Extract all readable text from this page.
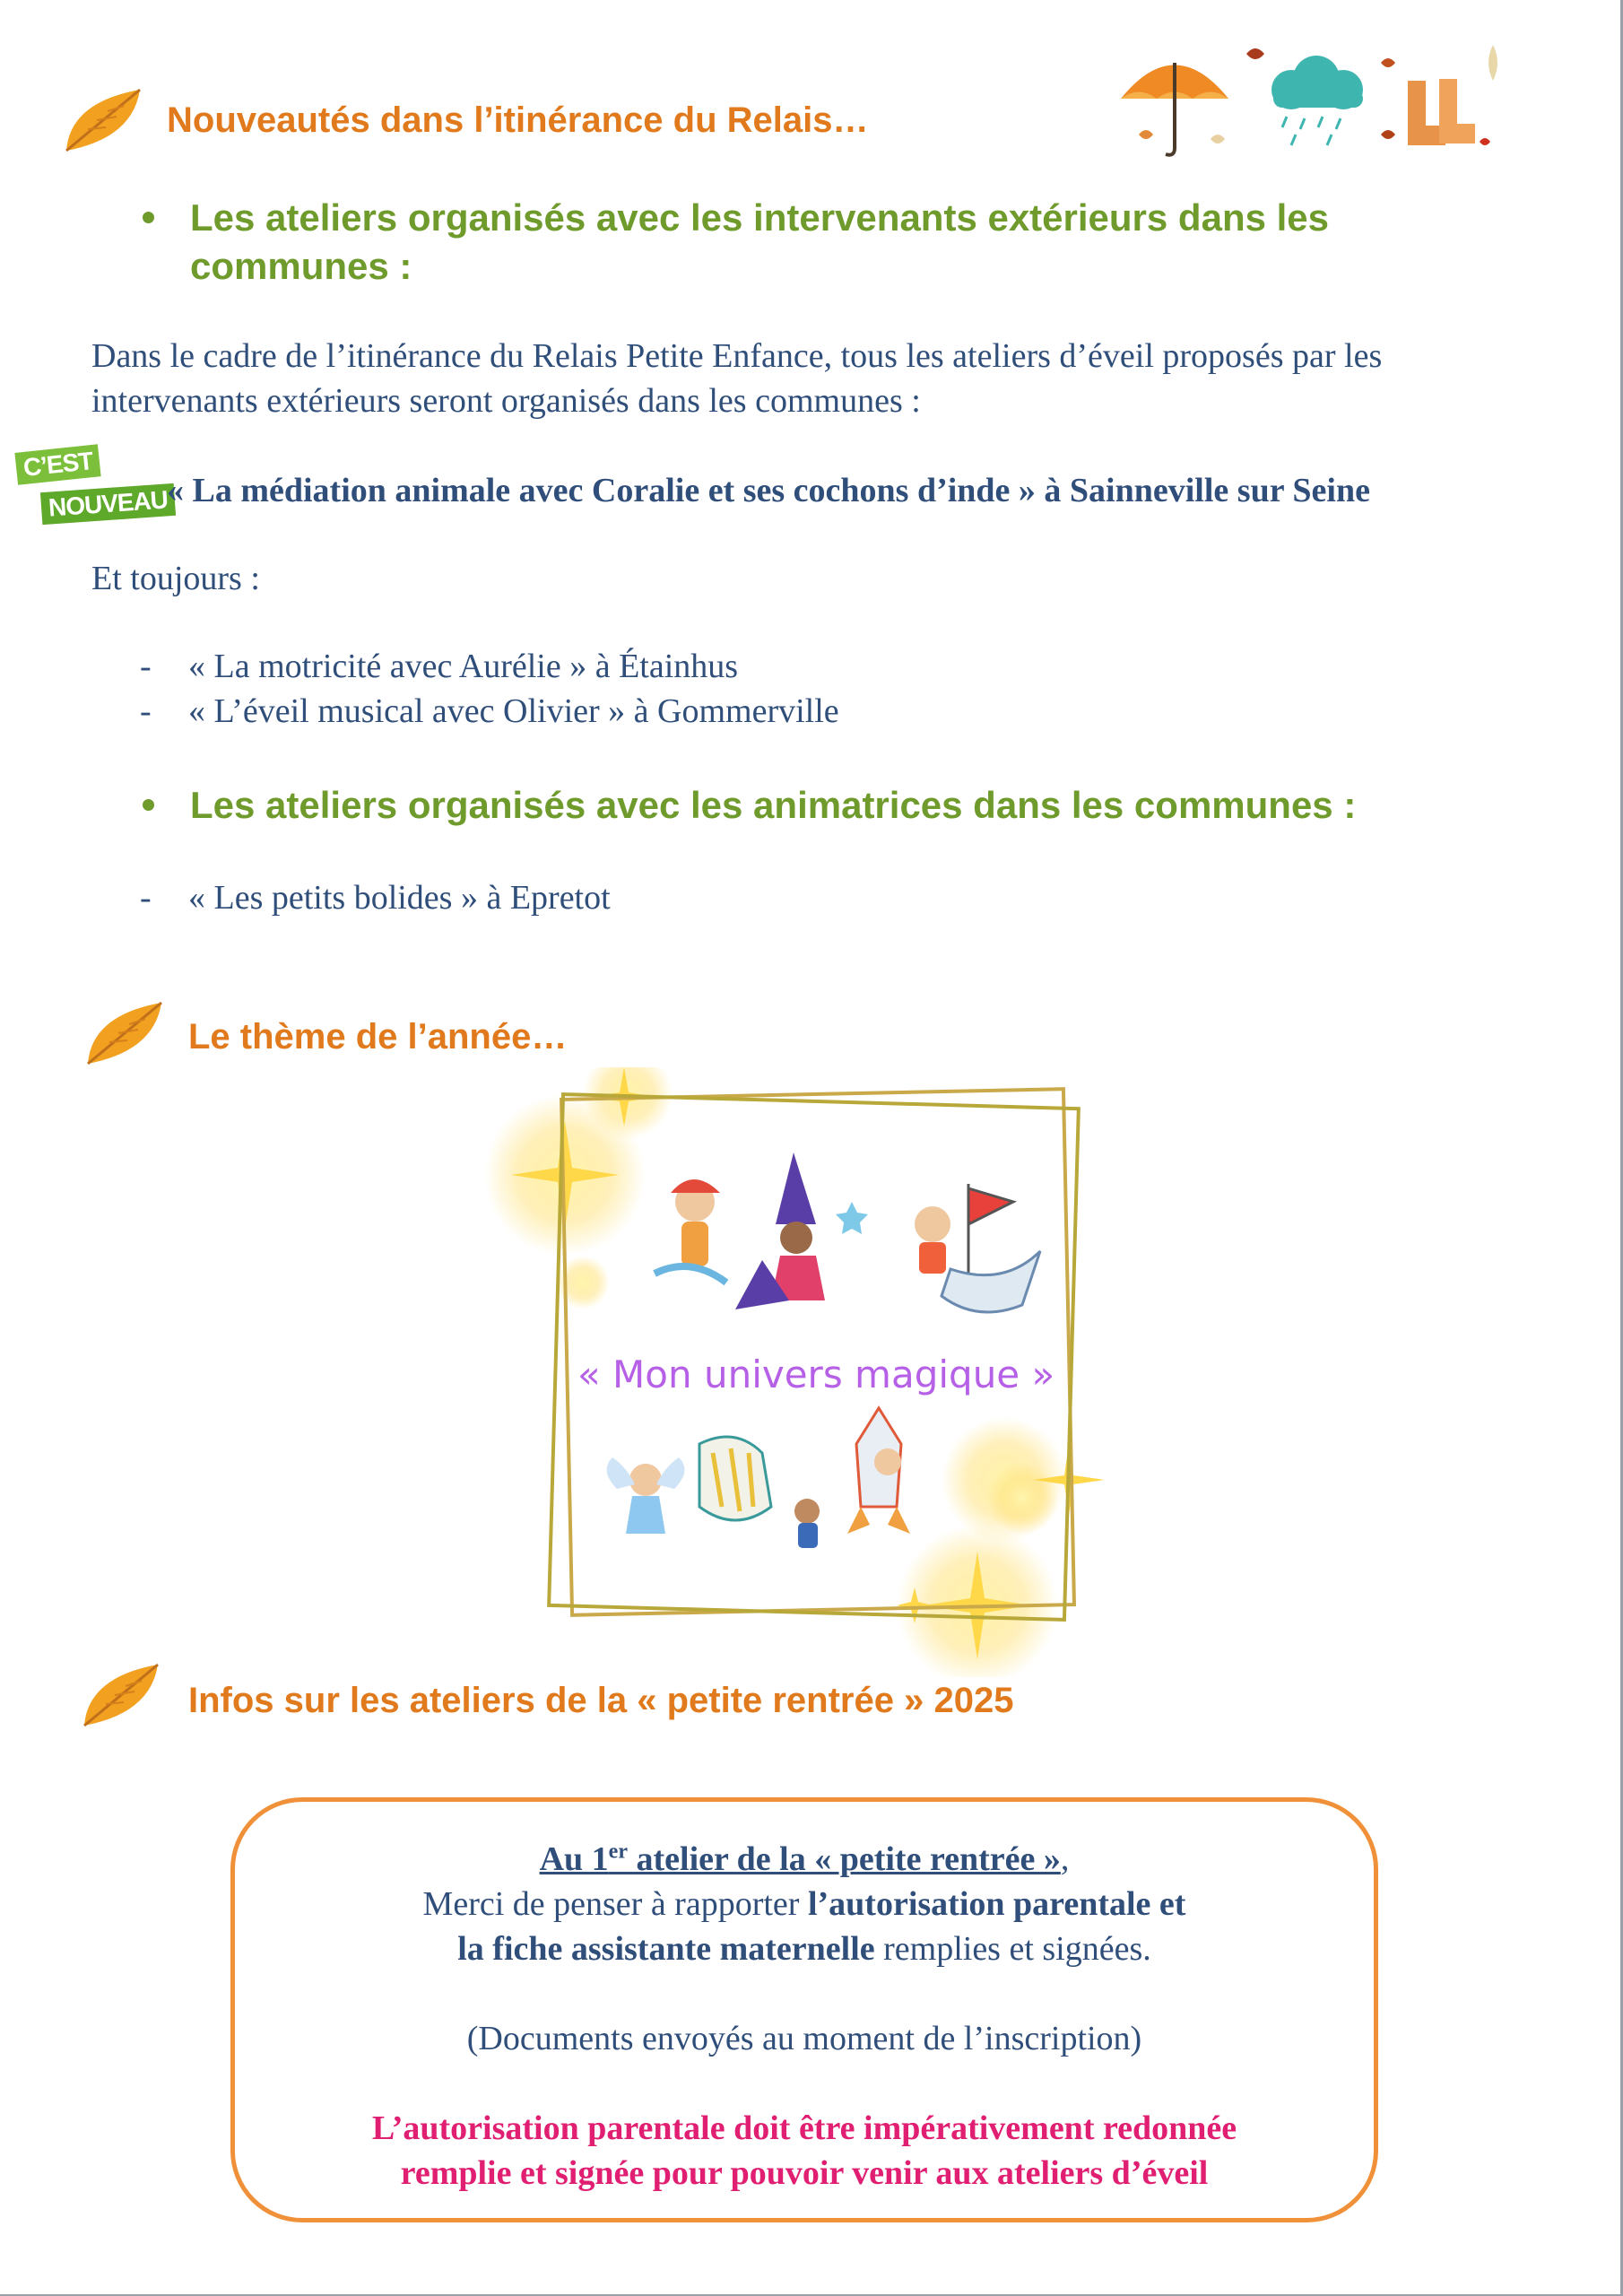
Nouveautés dans l’itinérance du Relais…
Les ateliers organisés avec les intervenants extérieurs dans les communes :
Dans le cadre de l’itinérance du Relais Petite Enfance, tous les ateliers d’éveil proposés par les intervenants extérieurs seront organisés dans les communes :
C’EST
NOUVEAU
« La médiation animale avec Coralie et ses cochons d’inde » à Sainneville sur Seine
Et toujours :
- « La motricité avec Aurélie » à Étainhus
- « L’éveil musical avec Olivier » à Gommerville
Les ateliers organisés avec les animatrices dans les communes :
- « Les petits bolides » à Epretot
Le thème de l’année…
« Mon univers magique »
Infos sur les ateliers de la « petite rentrée » 2025
Au 1er atelier de la « petite rentrée »,
Merci de penser à rapporter l’autorisation parentale et
la fiche assistante maternelle remplies et signées.
(Documents envoyés au moment de l’inscription)
L’autorisation parentale doit être impérativement redonnée
remplie et signée pour pouvoir venir aux ateliers d’éveil
